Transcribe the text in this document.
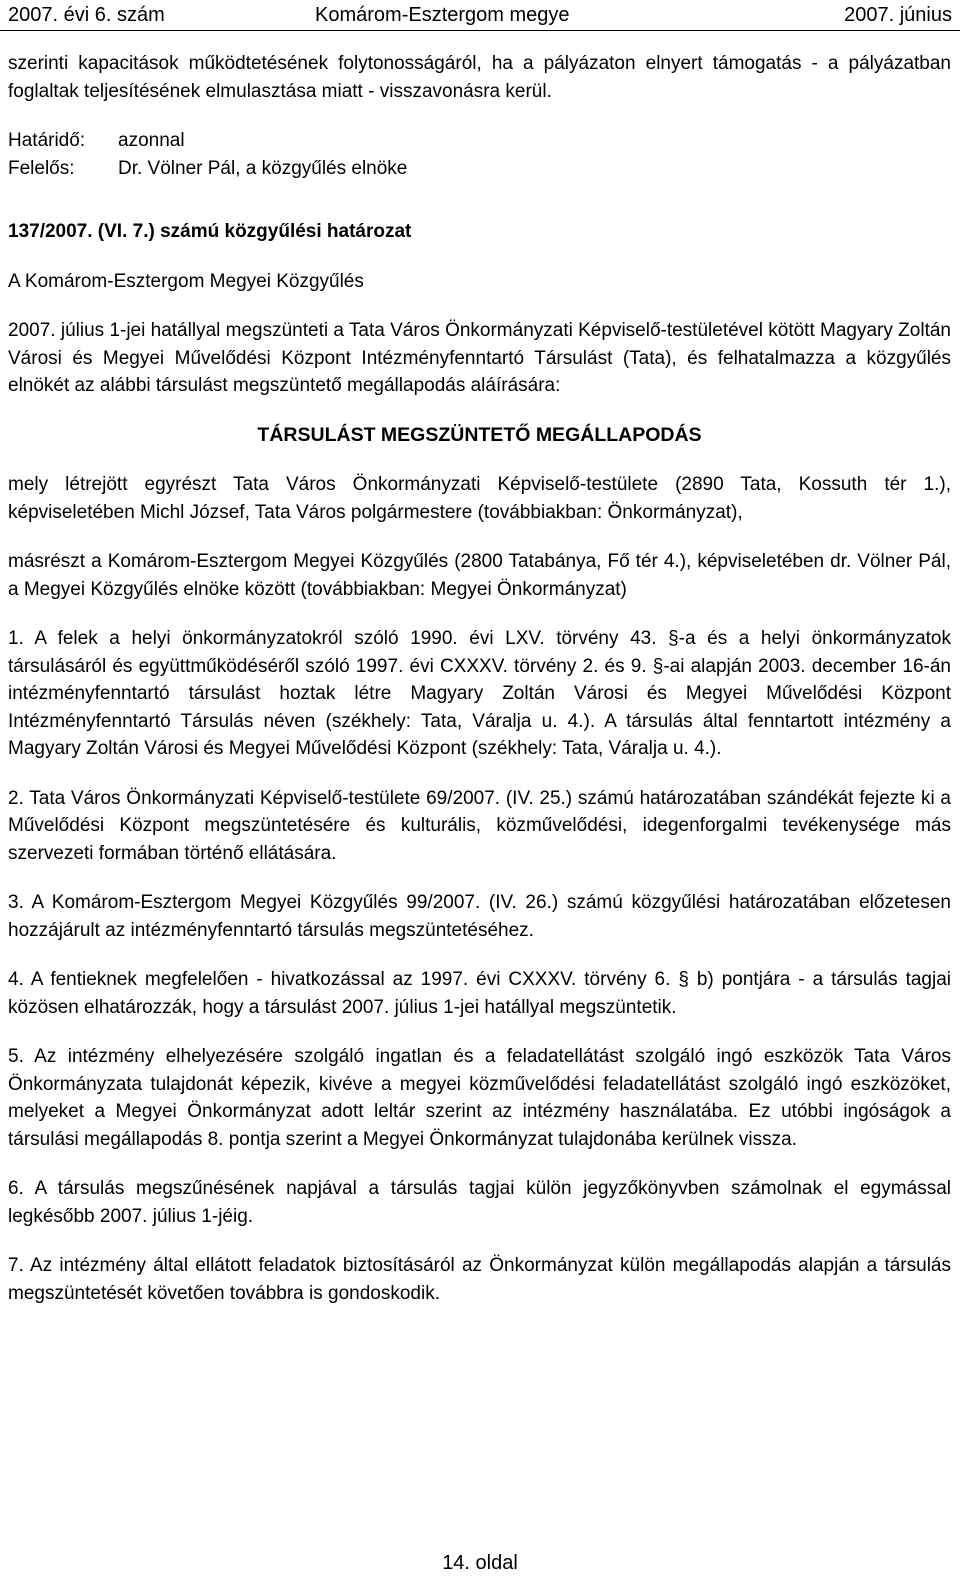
2007. évi 6. szám	Komárom-Esztergom megye	2007. június

szerinti kapacitások működtetésének folytonosságáról, ha a pályázaton elnyert támogatás - a pályázatban foglaltak teljesítésének elmulasztása miatt - visszavonásra kerül.

Határidő:	azonnal
Felelős:	Dr. Völner Pál, a közgyűlés elnöke

137/2007. (VI. 7.) számú közgyűlési határozat

A Komárom-Esztergom Megyei Közgyűlés

2007. július 1-jei hatállyal megszünteti a Tata Város Önkormányzati Képviselő-testületével kötött Magyary Zoltán Városi és Megyei Művelődési Központ Intézményfenntartó Társulást (Tata), és felhatalmazza a közgyűlés elnökét az alábbi társulást megszüntető megállapodás aláírására:

TÁRSULÁST MEGSZÜNTETŐ MEGÁLLAPODÁS

mely létrejött egyrészt Tata Város Önkormányzati Képviselő-testülete (2890 Tata, Kossuth tér 1.), képviseletében Michl József, Tata Város polgármestere (továbbiakban: Önkormányzat),

másrészt a Komárom-Esztergom Megyei Közgyűlés (2800 Tatabánya, Fő tér 4.), képviseletében dr. Völner Pál, a Megyei Közgyűlés elnöke között (továbbiakban: Megyei Önkormányzat)

1. A felek a helyi önkormányzatokról szóló 1990. évi LXV. törvény 43. §-a és a helyi önkormányzatok társulásáról és együttműködéséről szóló 1997. évi CXXXV. törvény 2. és 9. §-ai alapján 2003. december 16-án intézményfenntartó társulást hoztak létre Magyary Zoltán Városi és Megyei Művelődési Központ Intézményfenntartó Társulás néven (székhely: Tata, Váralja u. 4.). A társulás által fenntartott intézmény a Magyary Zoltán Városi és Megyei Művelődési Központ (székhely: Tata, Váralja u. 4.).

2. Tata Város Önkormányzati Képviselő-testülete 69/2007. (IV. 25.) számú határozatában szándékát fejezte ki a Művelődési Központ megszüntetésére és kulturális, közművelődési, idegenforgalmi tevékenysége más szervezeti formában történő ellátására.

3. A Komárom-Esztergom Megyei Közgyűlés 99/2007. (IV. 26.) számú közgyűlési határozatában előzetesen hozzájárult az intézményfenntartó társulás megszüntetéséhez.

4. A fentieknek megfelelően - hivatkozással az 1997. évi CXXXV. törvény 6. § b) pontjára - a társulás tagjai közösen elhatározzák, hogy a társulást 2007. július 1-jei hatállyal megszüntetik.

5. Az intézmény elhelyezésére szolgáló ingatlan és a feladatellátást szolgáló ingó eszközök Tata Város Önkormányzata tulajdonát képezik, kivéve a megyei közművelődési feladatellátást szolgáló ingó eszközöket, melyeket a Megyei Önkormányzat adott leltár szerint az intézmény használatába. Ez utóbbi ingóságok a társulási megállapodás 8. pontja szerint a Megyei Önkormányzat tulajdonába kerülnek vissza.

6. A társulás megszűnésének napjával a társulás tagjai külön jegyzőkönyvben számolnak el egymással legkésőbb 2007. július 1-jéig.

7. Az intézmény által ellátott feladatok biztosításáról az Önkormányzat külön megállapodás alapján a társulás megszüntetését követően továbbra is gondoskodik.

14. oldal
